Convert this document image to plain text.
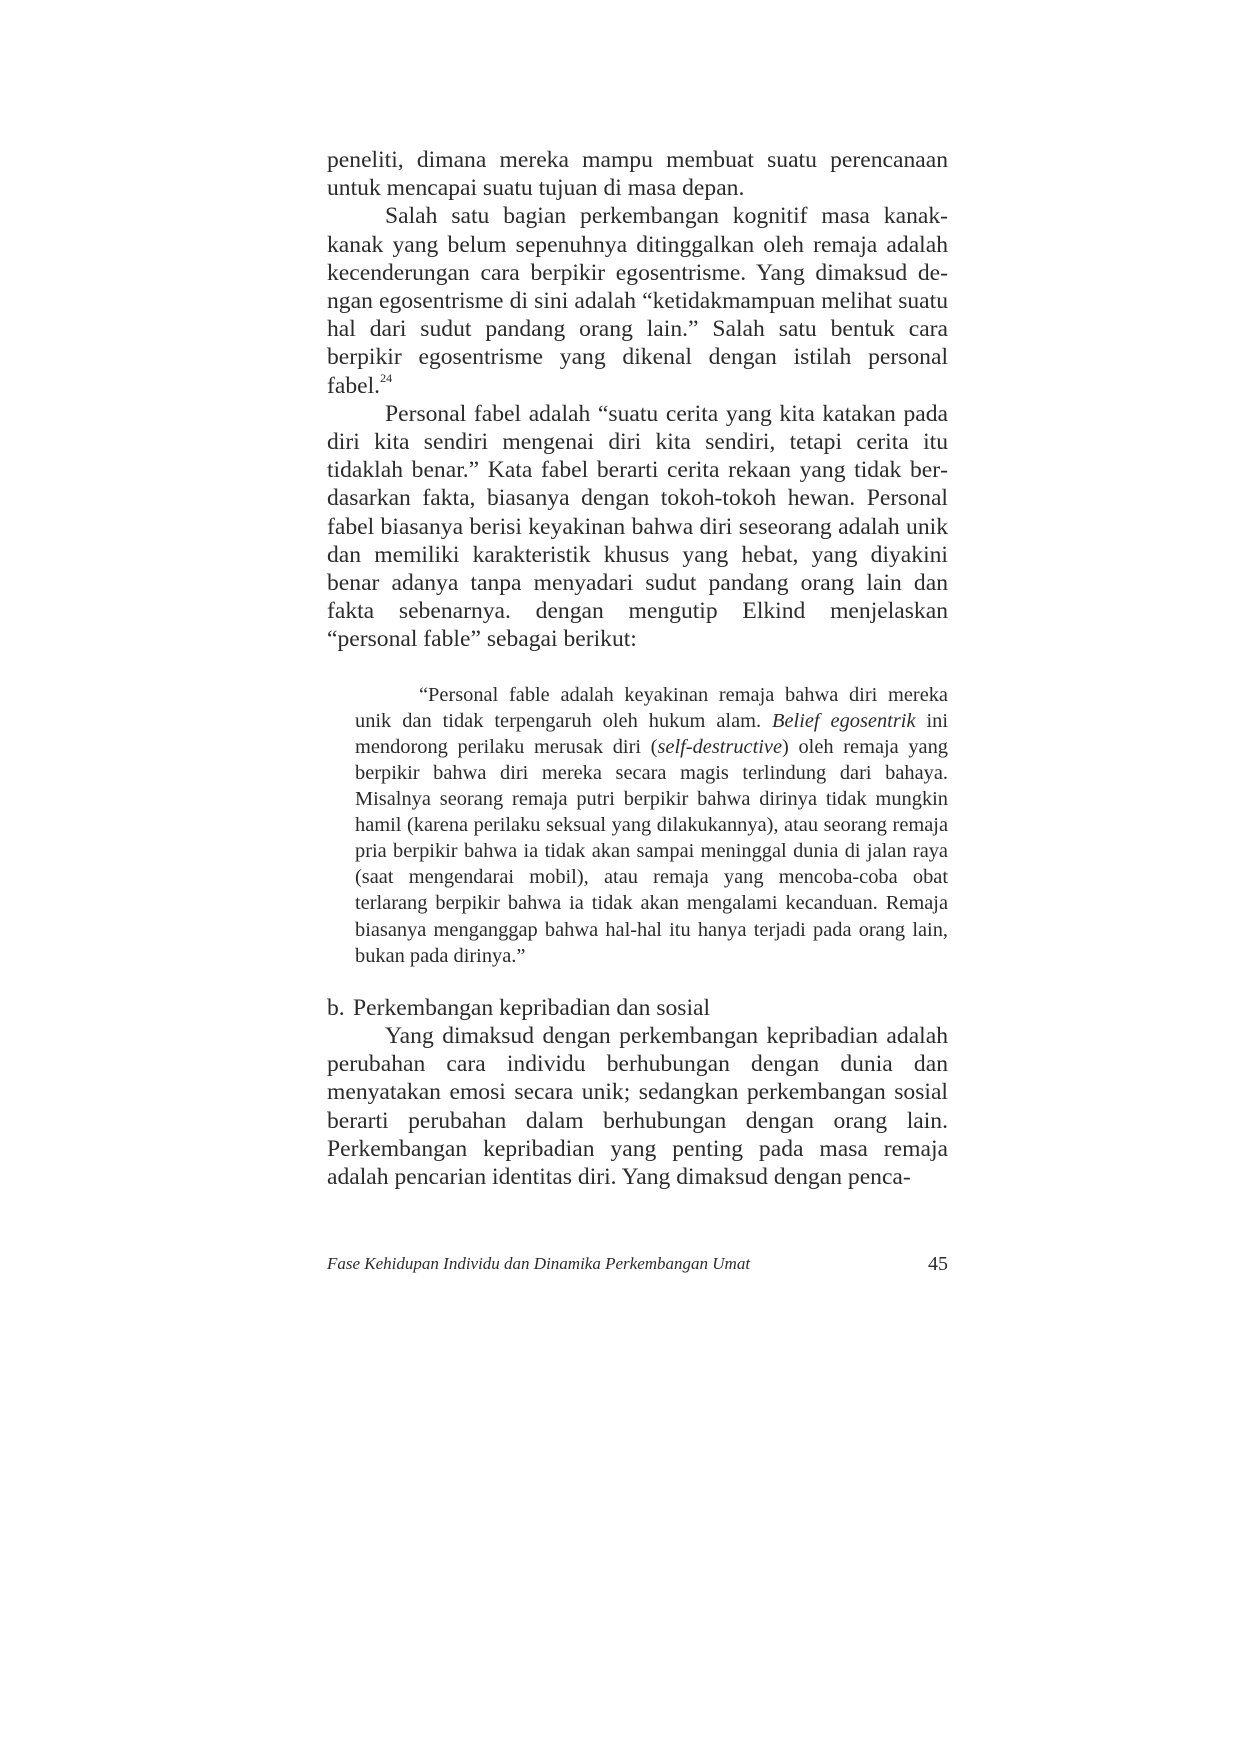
peneliti, dimana mereka mampu membuat suatu perencanaan untuk mencapai suatu tujuan di masa depan.

Salah satu bagian perkembangan kognitif masa kanak-kanak yang belum sepenuhnya ditinggalkan oleh remaja adalah kecenderungan cara berpikir egosentrisme. Yang dimaksud dengan egosentrisme di sini adalah “ketidakmampuan melihat suatu hal dari sudut pandang orang lain.” Salah satu bentuk cara berpikir egosentrisme yang dikenal dengan istilah personal fabel.$^{24}$

Personal fabel adalah “suatu cerita yang kita katakan pada diri kita sendiri mengenai diri kita sendiri, tetapi cerita itu tidaklah benar.” Kata fabel berarti cerita rekaan yang tidak berdasarkan fakta, biasanya dengan tokoh-tokoh hewan. Personal fabel biasanya berisi keyakinan bahwa diri seseorang adalah unik dan memiliki karakteristik khusus yang hebat, yang diyakini benar adanya tanpa menyadari sudut pandang orang lain dan fakta sebenarnya. dengan mengutip Elkind menjelaskan “personal fable” sebagai berikut:

“Personal fable adalah keyakinan remaja bahwa diri mereka unik dan tidak terpengaruh oleh hukum alam. Belief egosentrik ini mendorong perilaku merusak diri (self-destructive) oleh remaja yang berpikir bahwa diri mereka secara magis terlindung dari bahaya. Misalnya seorang remaja putri berpikir bahwa dirinya tidak mungkin hamil (karena perilaku seksual yang dilakukannya), atau seorang remaja pria berpikir bahwa ia tidak akan sampai meninggal dunia di jalan raya (saat mengendarai mobil), atau remaja yang mencoba-coba obat terlarang berpikir bahwa ia tidak akan mengalami kecanduan. Remaja biasanya menganggap bahwa hal-hal itu hanya terjadi pada orang lain, bukan pada dirinya.”

b. Perkembangan kepribadian dan sosial

Yang dimaksud dengan perkembangan kepribadian adalah perubahan cara individu berhubungan dengan dunia dan menyatakan emosi secara unik; sedangkan perkembangan sosial berarti perubahan dalam berhubungan dengan orang lain. Perkembangan kepribadian yang penting pada masa remaja adalah pencarian identitas diri. Yang dimaksud dengan penca-

Fase Kehidupan Individu dan Dinamika Perkembangan Umat	45
